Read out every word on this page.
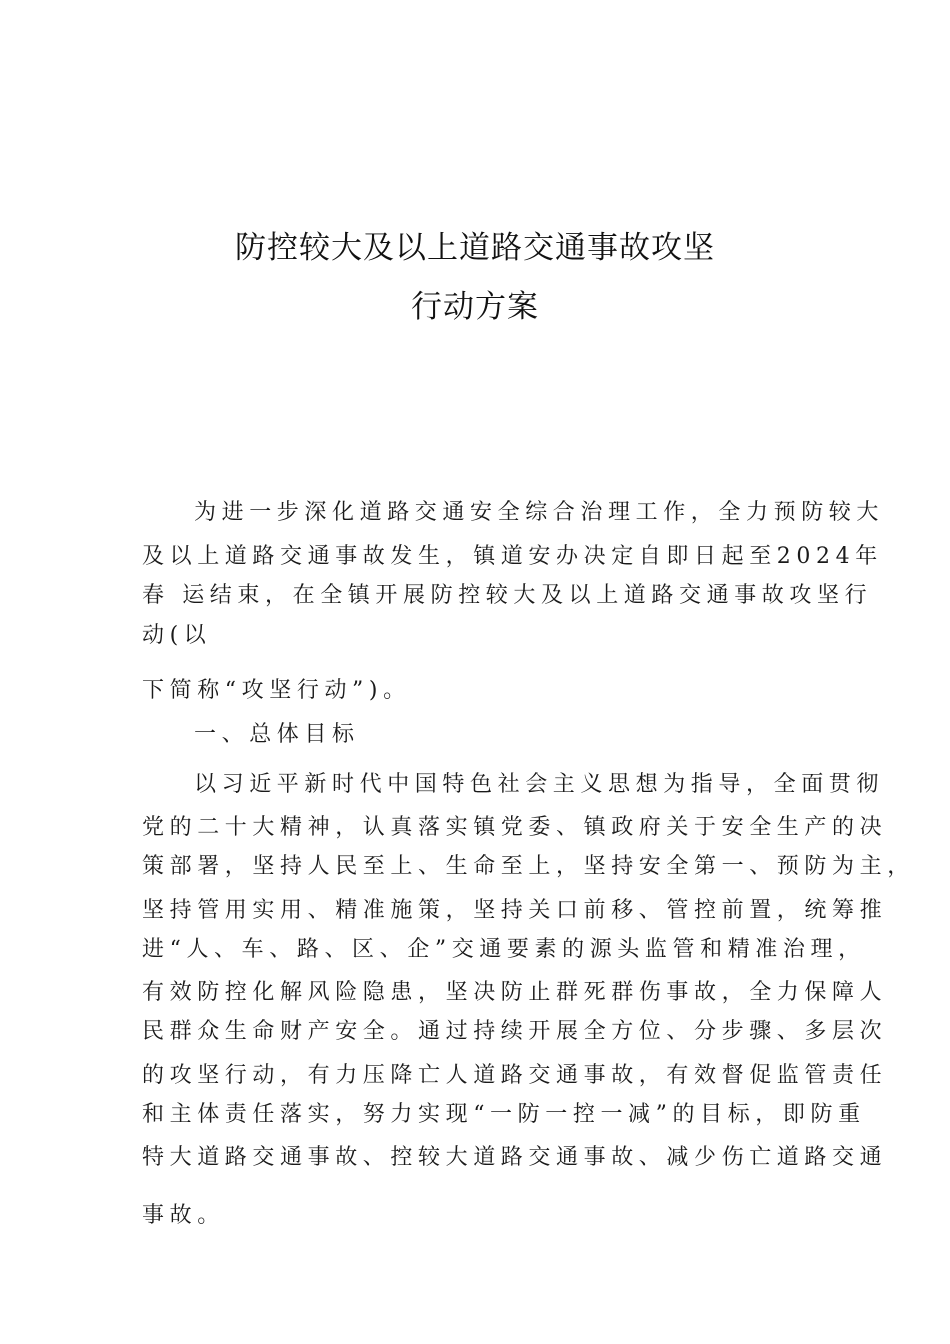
防控较大及以上道路交通事故攻坚
行动方案

为进一步深化道路交通安全综合治理工作，全力预防较大

及以上道路交通事故发生，镇道安办决定自即日起至2024年

春 运结束，在全镇开展防控较大及以上道路交通事故攻坚行

动(以

下简称“攻坚行动”)。

一、总体目标

以习近平新时代中国特色社会主义思想为指导，全面贯彻

党的二十大精神，认真落实镇党委、镇政府关于安全生产的决

策部署，坚持人民至上、生命至上，坚持安全第一、预防为主，

坚持管用实用、精准施策，坚持关口前移、管控前置，统筹推

进“人、车、路、区、企”交通要素的源头监管和精准治理，

有效防控化解风险隐患，坚决防止群死群伤事故，全力保障人

民群众生命财产安全。通过持续开展全方位、分步骤、多层次

的攻坚行动，有力压降亡人道路交通事故，有效督促监管责任

和主体责任落实，努力实现“一防一控一减”的目标，即防重

特大道路交通事故、控较大道路交通事故、减少伤亡道路交通

事故。
